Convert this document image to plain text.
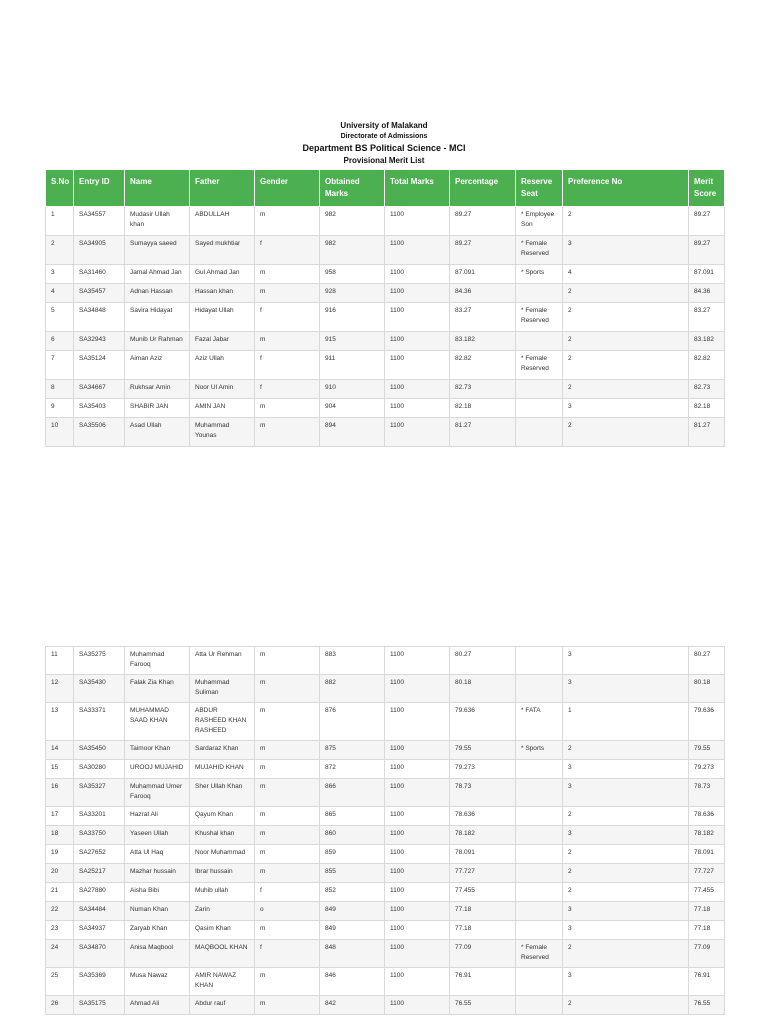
University of Malakand
Directorate of Admissions
Department BS Political Science - MCI
Provisional Merit List
S.No	Entry ID	Name	Father	Gender	Obtained Marks	Total Marks	Percentage	Reserve Seat	Preference No	Merit Score
1	SA34557	Mudasir Ullah khan	ABDULLAH	m	982	1100	89.27	* Employee Son	2	89.27
2	SA34905	Sumayya saeed	Sayed mukhtiar	f	982	1100	89.27	* Female Reserved	3	89.27
3	SA31460	Jamal Ahmad Jan	Gul Ahmad Jan	m	958	1100	87.091	* Sports	4	87.091
4	SA35457	Adnan Hassan	Hassan khan	m	928	1100	84.36		2	84.36
5	SA34848	Savira Hidayat	Hidayat Ullah	f	916	1100	83.27	* Female Reserved	2	83.27
6	SA32943	Munib Ur Rahman	Fazal Jabar	m	915	1100	83.182		2	83.182
7	SA35124	Aiman Aziz	Aziz Ullah	f	911	1100	82.82	* Female Reserved	2	82.82
8	SA34667	Rukhsar Amin	Noor Ul Amin	f	910	1100	82.73		2	82.73
9	SA35403	SHABIR JAN	AMIN JAN	m	904	1100	82.18		3	82.18
10	SA35506	Asad Ullah	Muhammad Younas	m	894	1100	81.27		2	81.27
11	SA35275	Muhammad Farooq	Atta Ur Rehman	m	883	1100	80.27		3	80.27
12	SA35430	Falak Zia Khan	Muhammad Suliman	m	882	1100	80.18		3	80.18
13	SA33371	MUHAMMAD SAAD KHAN	ABDUR RASHEED KHAN RASHEED	m	876	1100	79.636	* FATA	1	79.636
14	SA35450	Taimoor Khan	Sardaraz Khan	m	875	1100	79.55	* Sports	2	79.55
15	SA30280	UROOJ MUJAHID	MUJAHID KHAN	m	872	1100	79.273		3	79.273
16	SA35327	Muhammad Umer Farooq	Sher Ullah Khan	m	866	1100	78.73		3	78.73
17	SA33201	Hazrat Ali	Qayum Khan	m	865	1100	78.636		2	78.636
18	SA33750	Yaseen Ullah	Khushal khan	m	860	1100	78.182		3	78.182
19	SA27652	Atta Ul Haq	Noor Muhammad	m	859	1100	78.091		2	78.091
20	SA25217	Mazhar hussain	Ibrar hussain	m	855	1100	77.727		2	77.727
21	SA27880	Aisha Bibi	Muhib ullah	f	852	1100	77.455		2	77.455
22	SA34484	Numan Khan	Zarin	o	849	1100	77.18		3	77.18
23	SA34937	Zaryab Khan	Qasim Khan	m	849	1100	77.18		3	77.18
24	SA34870	Anisa Maqbool	MAQBOOL KHAN	f	848	1100	77.09	* Female Reserved	2	77.09
25	SA35369	Musa Nawaz	AMIR NAWAZ KHAN	m	846	1100	76.91		3	76.91
26	SA35175	Ahmad Ali	Abdur rauf	m	842	1100	76.55		2	76.55
